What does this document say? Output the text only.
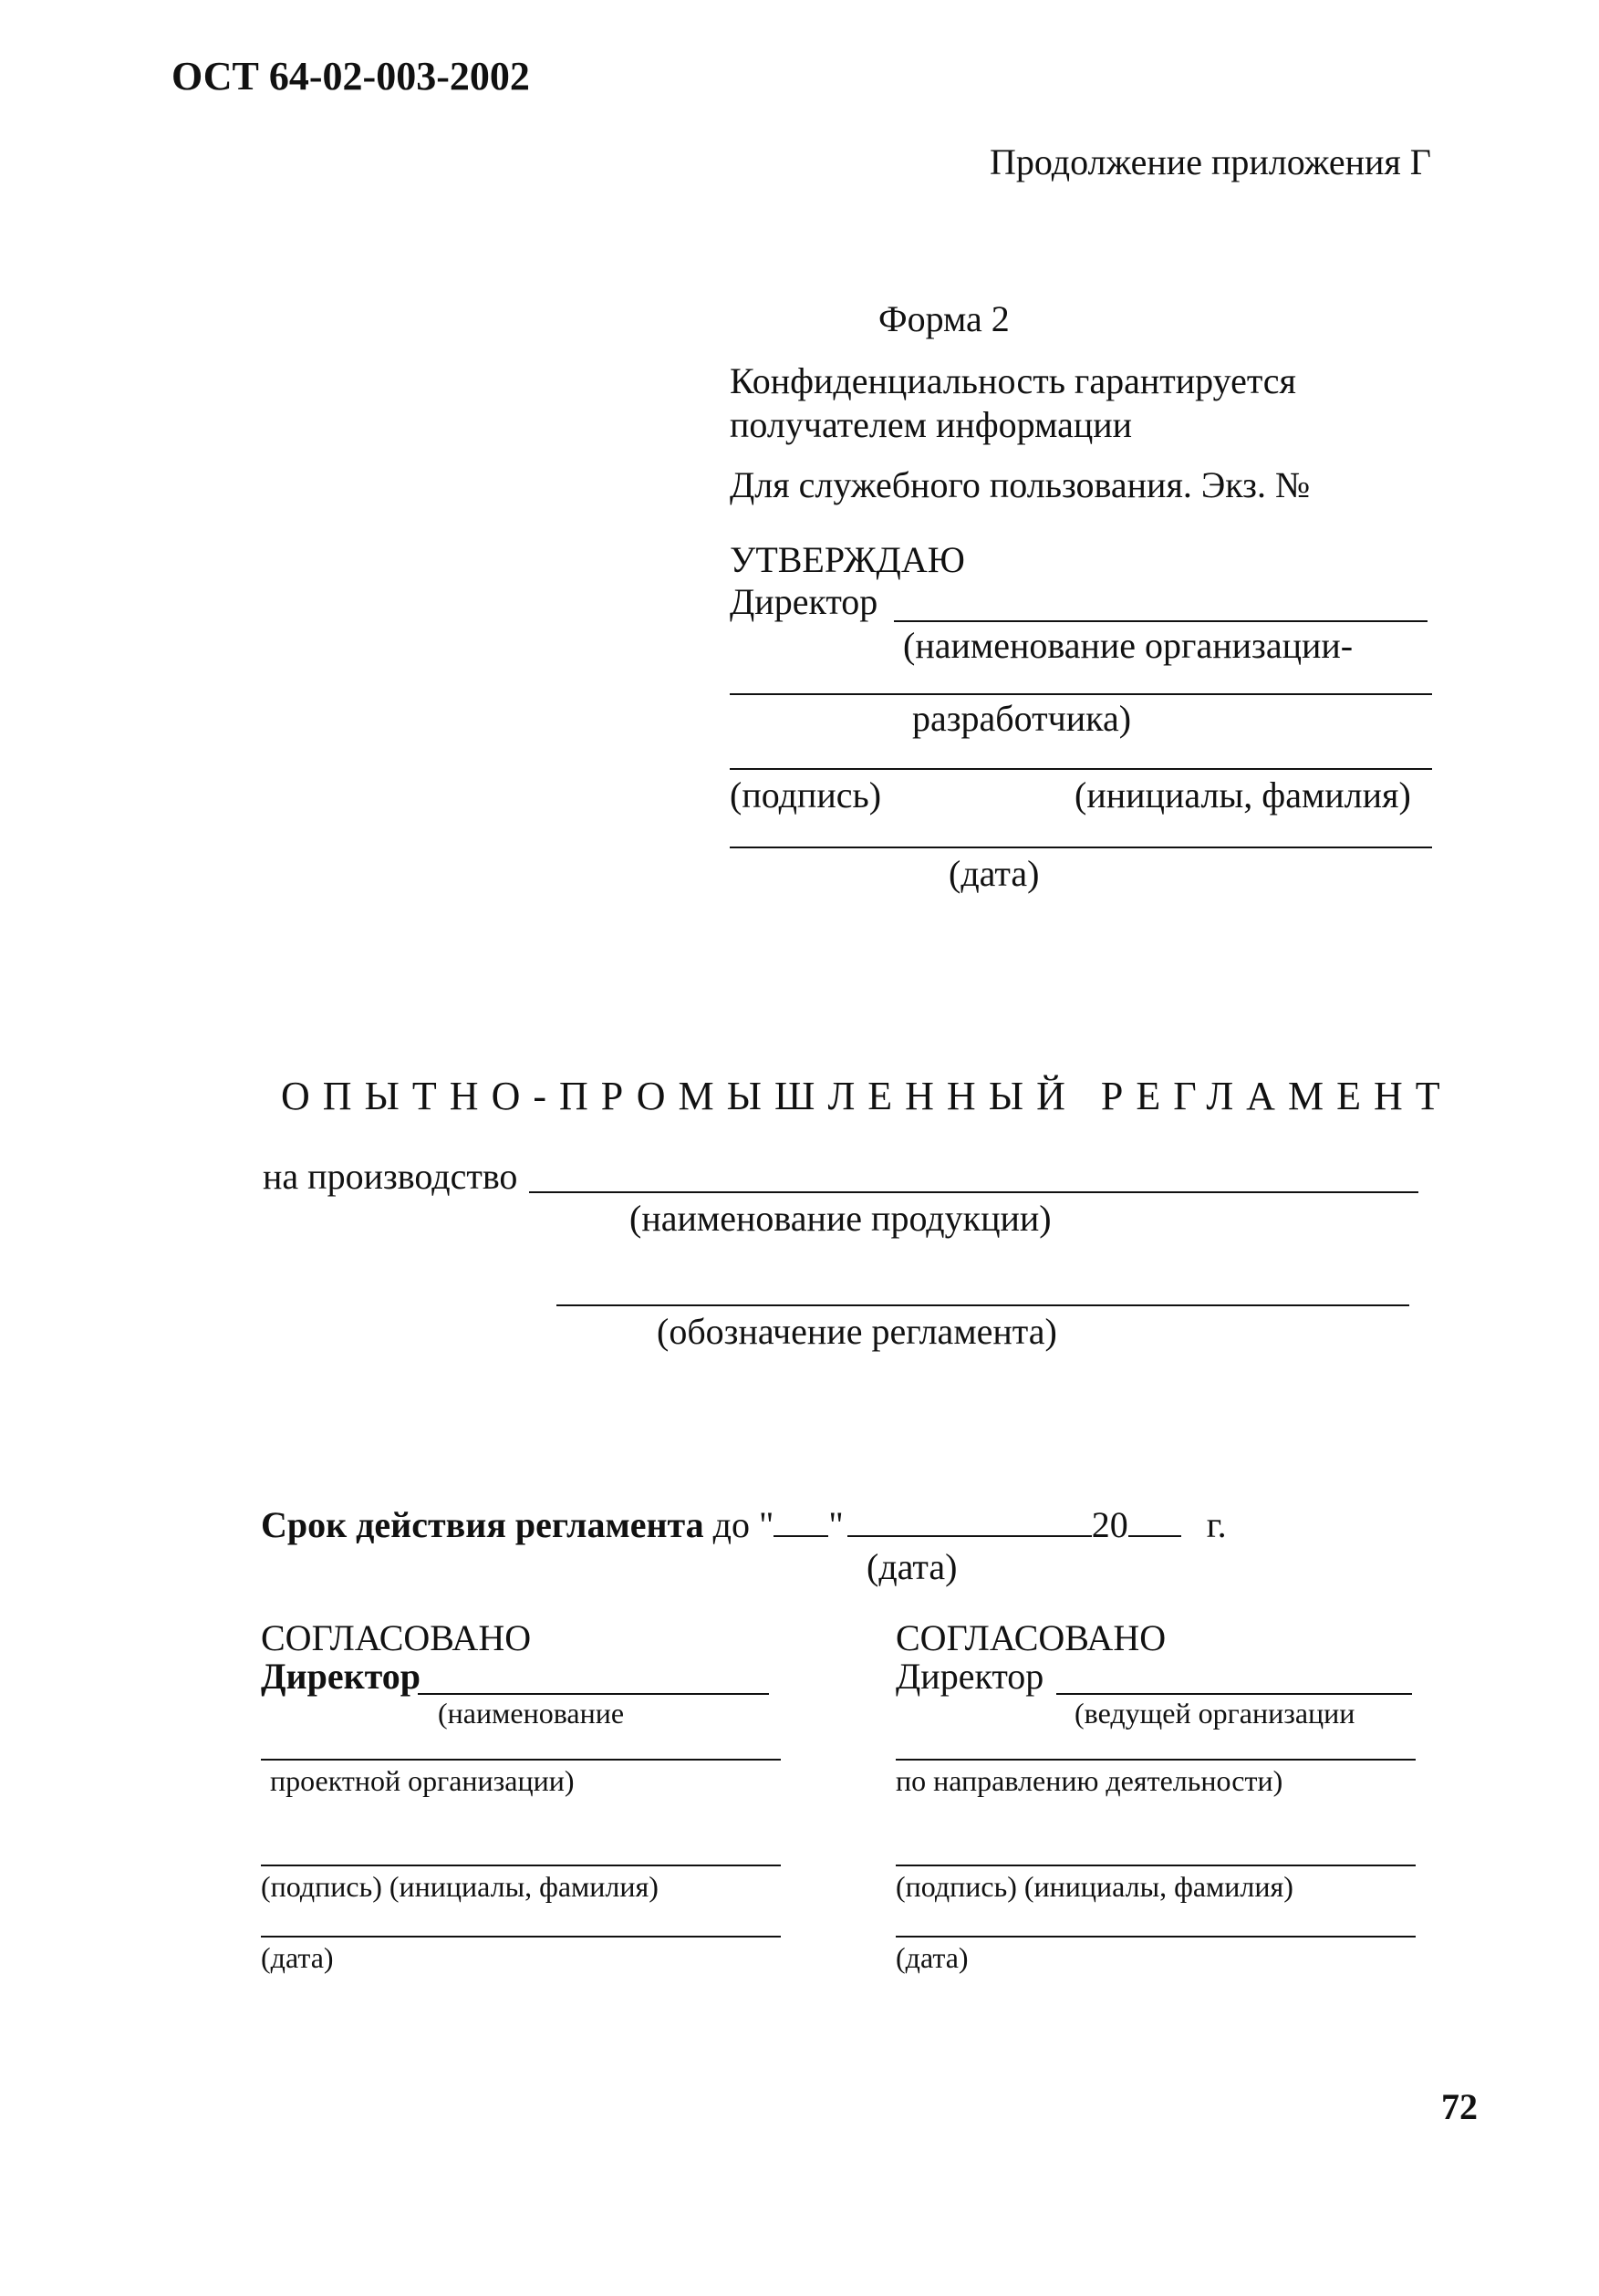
ОСТ 64-02-003-2002
Продолжение приложения Г
Форма 2
Конфиденциальность гарантируется
получателем информации
Для служебного пользования. Экз. №
УТВЕРЖДАЮ
Директор
(наименование организации-
разработчика)
(подпись)	(инициалы, фамилия)
(дата)
ОПЫТНО-ПРОМЫШЛЕННЫЙ РЕГЛАМЕНТ
на производство
(наименование продукции)
(обозначение регламента)
Срок действия регламента до " "	20 г.
(дата)
СОГЛАСОВАНО
Директор
(наименование
проектной организации)
(подпись) (инициалы, фамилия)
(дата)
СОГЛАСОВАНО
Директор
(ведущей организации
по направлению деятельности)
(подпись) (инициалы, фамилия)
(дата)
72
